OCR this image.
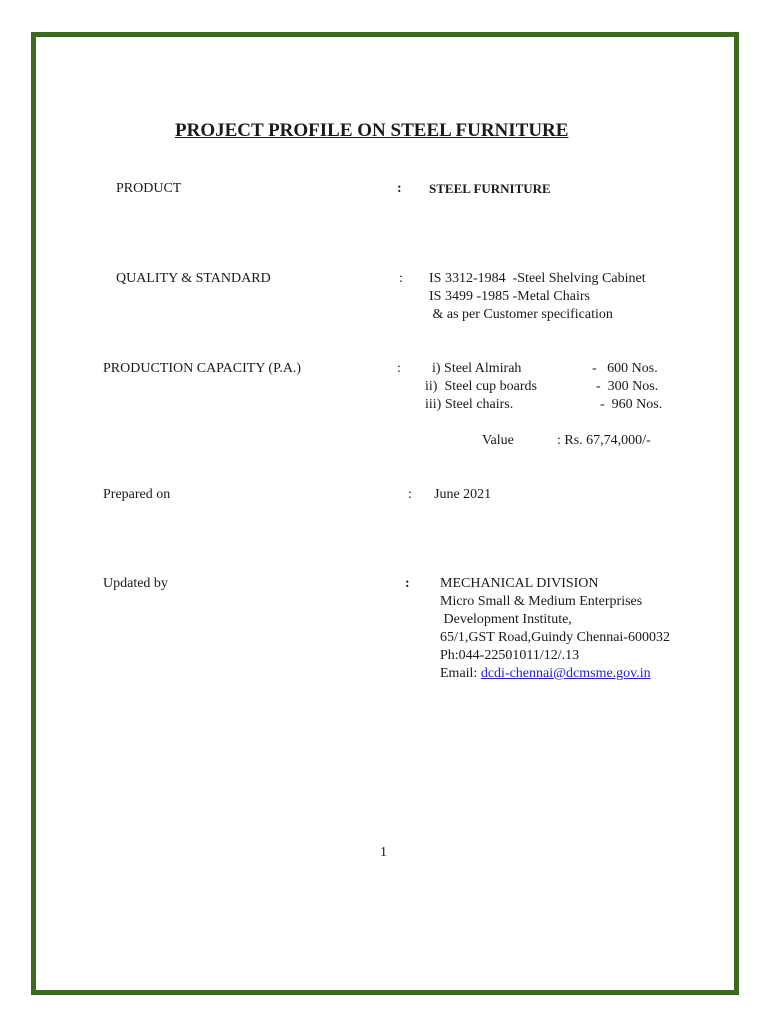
PROJECT PROFILE ON STEEL FURNITURE
PRODUCT	: STEEL FURNITURE
QUALITY & STANDARD	: IS 3312-1984  -Steel Shelving Cabinet
IS 3499 -1985 -Metal Chairs
& as per Customer specification
PRODUCTION CAPACITY (P.A.)	: i) Steel Almirah	-   600 Nos.
ii)  Steel cup boards	-  300 Nos.
iii) Steel chairs.	-  960 Nos.
Value	: Rs. 67,74,000/-
Prepared on	: June 2021
Updated by	: MECHANICAL DIVISION
Micro Small & Medium Enterprises
Development Institute,
65/1,GST Road,Guindy Chennai-600032
Ph:044-22501011/12/.13
Email: dcdi-chennai@dcmsme.gov.in
1
